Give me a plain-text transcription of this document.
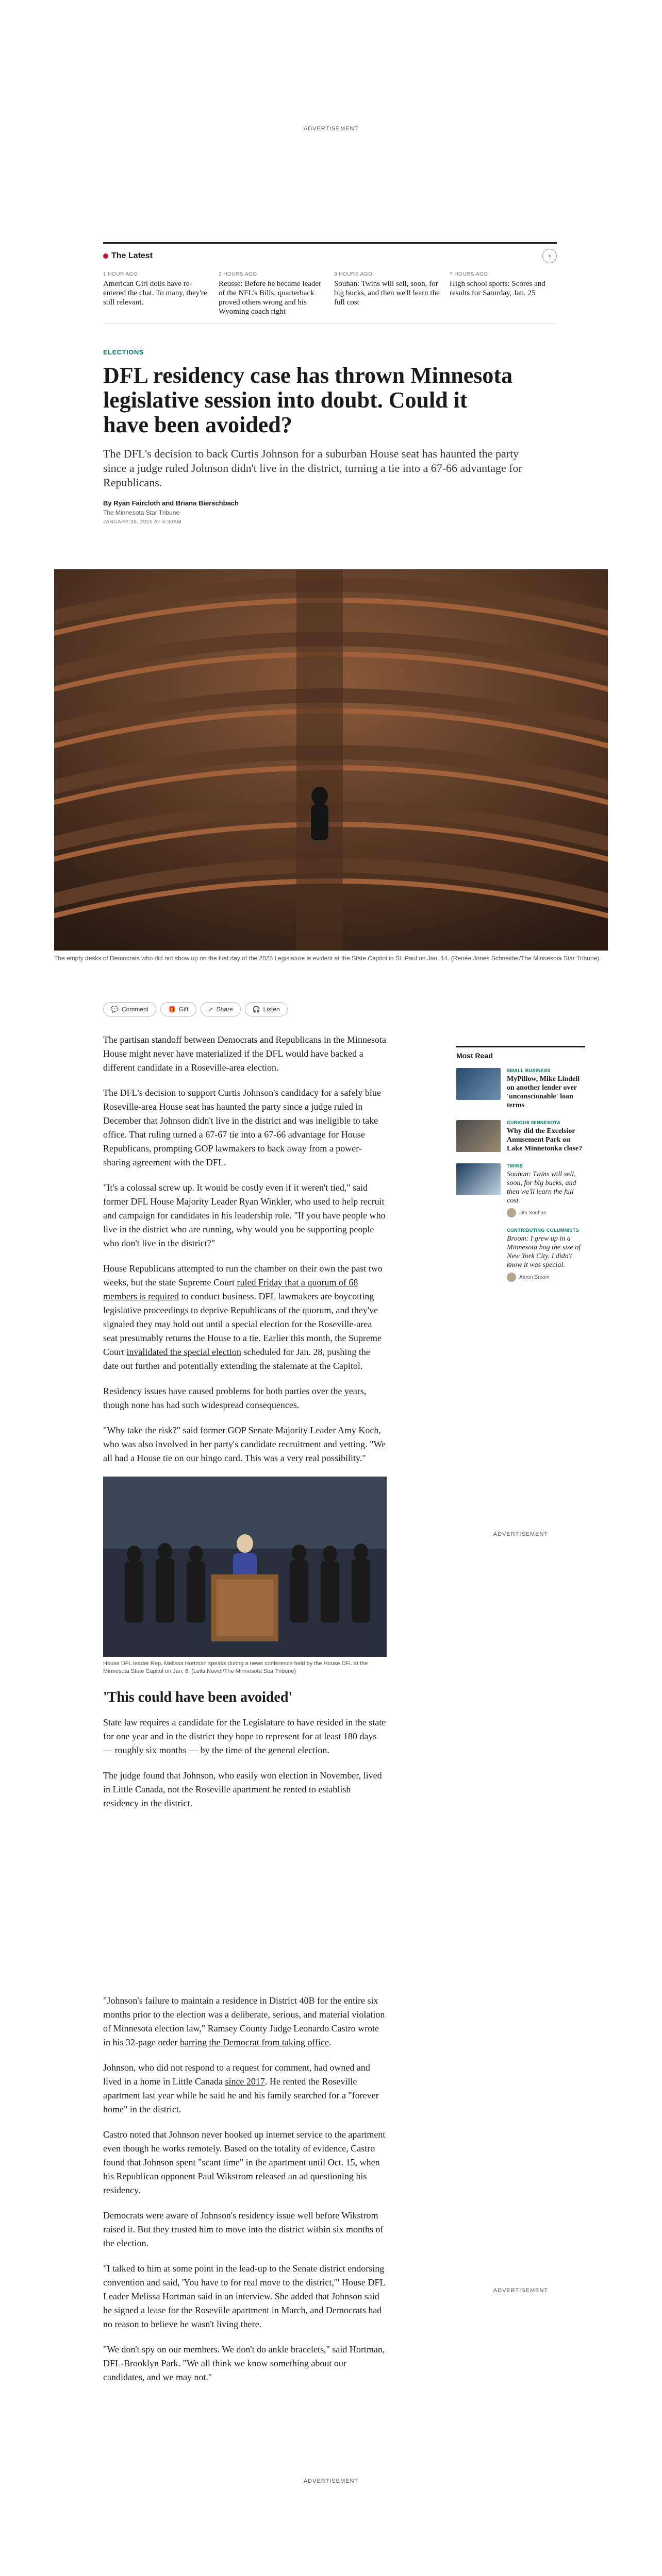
ADVERTISEMENT
The Latest	›
1 HOUR AGO
American Girl dolls have re-entered the chat. To many, they're still relevant.
2 HOURS AGO
Reusse: Before he became leader of the NFL's Bills, quarterback proved others wrong and his Wyoming coach right
3 HOURS AGO
Souhan: Twins will sell, soon, for big bucks, and then we'll learn the full cost
7 HOURS AGO
High school sports: Scores and results for Saturday, Jan. 25
ELECTIONS
DFL residency case has thrown Minnesota legislative session into doubt. Could it have been avoided?
The DFL's decision to back Curtis Johnson for a suburban House seat has haunted the party since a judge ruled Johnson didn't live in the district, turning a tie into a 67-66 advantage for Republicans.
By Ryan Faircloth and Briana Bierschbach
The Minnesota Star Tribune
JANUARY 26, 2025 AT 6:30AM
The empty desks of Democrats who did not show up on the first day of the 2025 Legislature is evident at the State Capitol in St. Paul on Jan. 14. (Renée Jones Schneider/The Minnesota Star Tribune)
💬 Comment	🎁 Gift	↗ Share	🎧 Listen

The partisan standoff between Democrats and Republicans in the Minnesota House might never have materialized if the DFL would have backed a different candidate in a Roseville-area election.

The DFL's decision to support Curtis Johnson's candidacy for a safely blue Roseville-area House seat has haunted the party since a judge ruled in December that Johnson didn't live in the district and was ineligible to take office. That ruling turned a 67-67 tie into a 67-66 advantage for House Republicans, prompting GOP lawmakers to back away from a power-sharing agreement with the DFL.

"It's a colossal screw up. It would be costly even if it weren't tied," said former DFL House Majority Leader Ryan Winkler, who used to help recruit and campaign for candidates in his leadership role. "If you have people who live in the district who are running, why would you be supporting people who don't live in the district?"

House Republicans attempted to run the chamber on their own the past two weeks, but the state Supreme Court ruled Friday that a quorum of 68 members is required to conduct business. DFL lawmakers are boycotting legislative proceedings to deprive Republicans of the quorum, and they've signaled they may hold out until a special election for the Roseville-area seat presumably returns the House to a tie. Earlier this month, the Supreme Court invalidated the special election scheduled for Jan. 28, pushing the date out further and potentially extending the stalemate at the Capitol.

Residency issues have caused problems for both parties over the years, though none has had such widespread consequences.

"Why take the risk?" said former GOP Senate Majority Leader Amy Koch, who was also involved in her party's candidate recruitment and vetting. "We all had a House tie on our bingo card. This was a very real possibility."

House DFL leader Rep. Melissa Hortman speaks during a news conference held by the House DFL at the Minnesota State Capitol on Jan. 6. (Leila Navidi/The Minnesota Star Tribune)
'This could have been avoided'

State law requires a candidate for the Legislature to have resided in the state for one year and in the district they hope to represent for at least 180 days — roughly six months — by the time of the general election.

The judge found that Johnson, who easily won election in November, lived in Little Canada, not the Roseville apartment he rented to establish residency in the district.

"Johnson's failure to maintain a residence in District 40B for the entire six months prior to the election was a deliberate, serious, and material violation of Minnesota election law," Ramsey County Judge Leonardo Castro wrote in his 32-page order barring the Democrat from taking office.

Johnson, who did not respond to a request for comment, had owned and lived in a home in Little Canada since 2017. He rented the Roseville apartment last year while he said he and his family searched for a "forever home" in the district.

Castro noted that Johnson never hooked up internet service to the apartment even though he works remotely. Based on the totality of evidence, Castro found that Johnson spent "scant time" in the apartment until Oct. 15, when his Republican opponent Paul Wikstrom released an ad questioning his residency.

Democrats were aware of Johnson's residency issue well before Wikstrom raised it. But they trusted him to move into the district within six months of the election.

"I talked to him at some point in the lead-up to the Senate district endorsing convention and said, 'You have to for real move to the district,'" House DFL Leader Melissa Hortman said in an interview. She added that Johnson said he signed a lease for the Roseville apartment in March, and Democrats had no reason to believe he wasn't living there.

"We don't spy on our members. We don't do ankle bracelets," said Hortman, DFL-Brooklyn Park. "We all think we know something about our candidates, and we may not."

Most Read
SMALL BUSINESS
MyPillow, Mike Lindell on another lender over 'unconscionable' loan terms
CURIOUS MINNESOTA
Why did the Excelsior Amusement Park on Lake Minnetonka close?
TWINS
Souhan: Twins will sell, soon, for big bucks, and then we'll learn the full cost
Jim Souhan
CONTRIBUTING COLUMNISTS
Broom: I grew up in a Minnesota bog the size of New York City. I didn't know it was special.
Aaron Broom
ADVERTISEMENT
ADVERTISEMENT
ADVERTISEMENT
